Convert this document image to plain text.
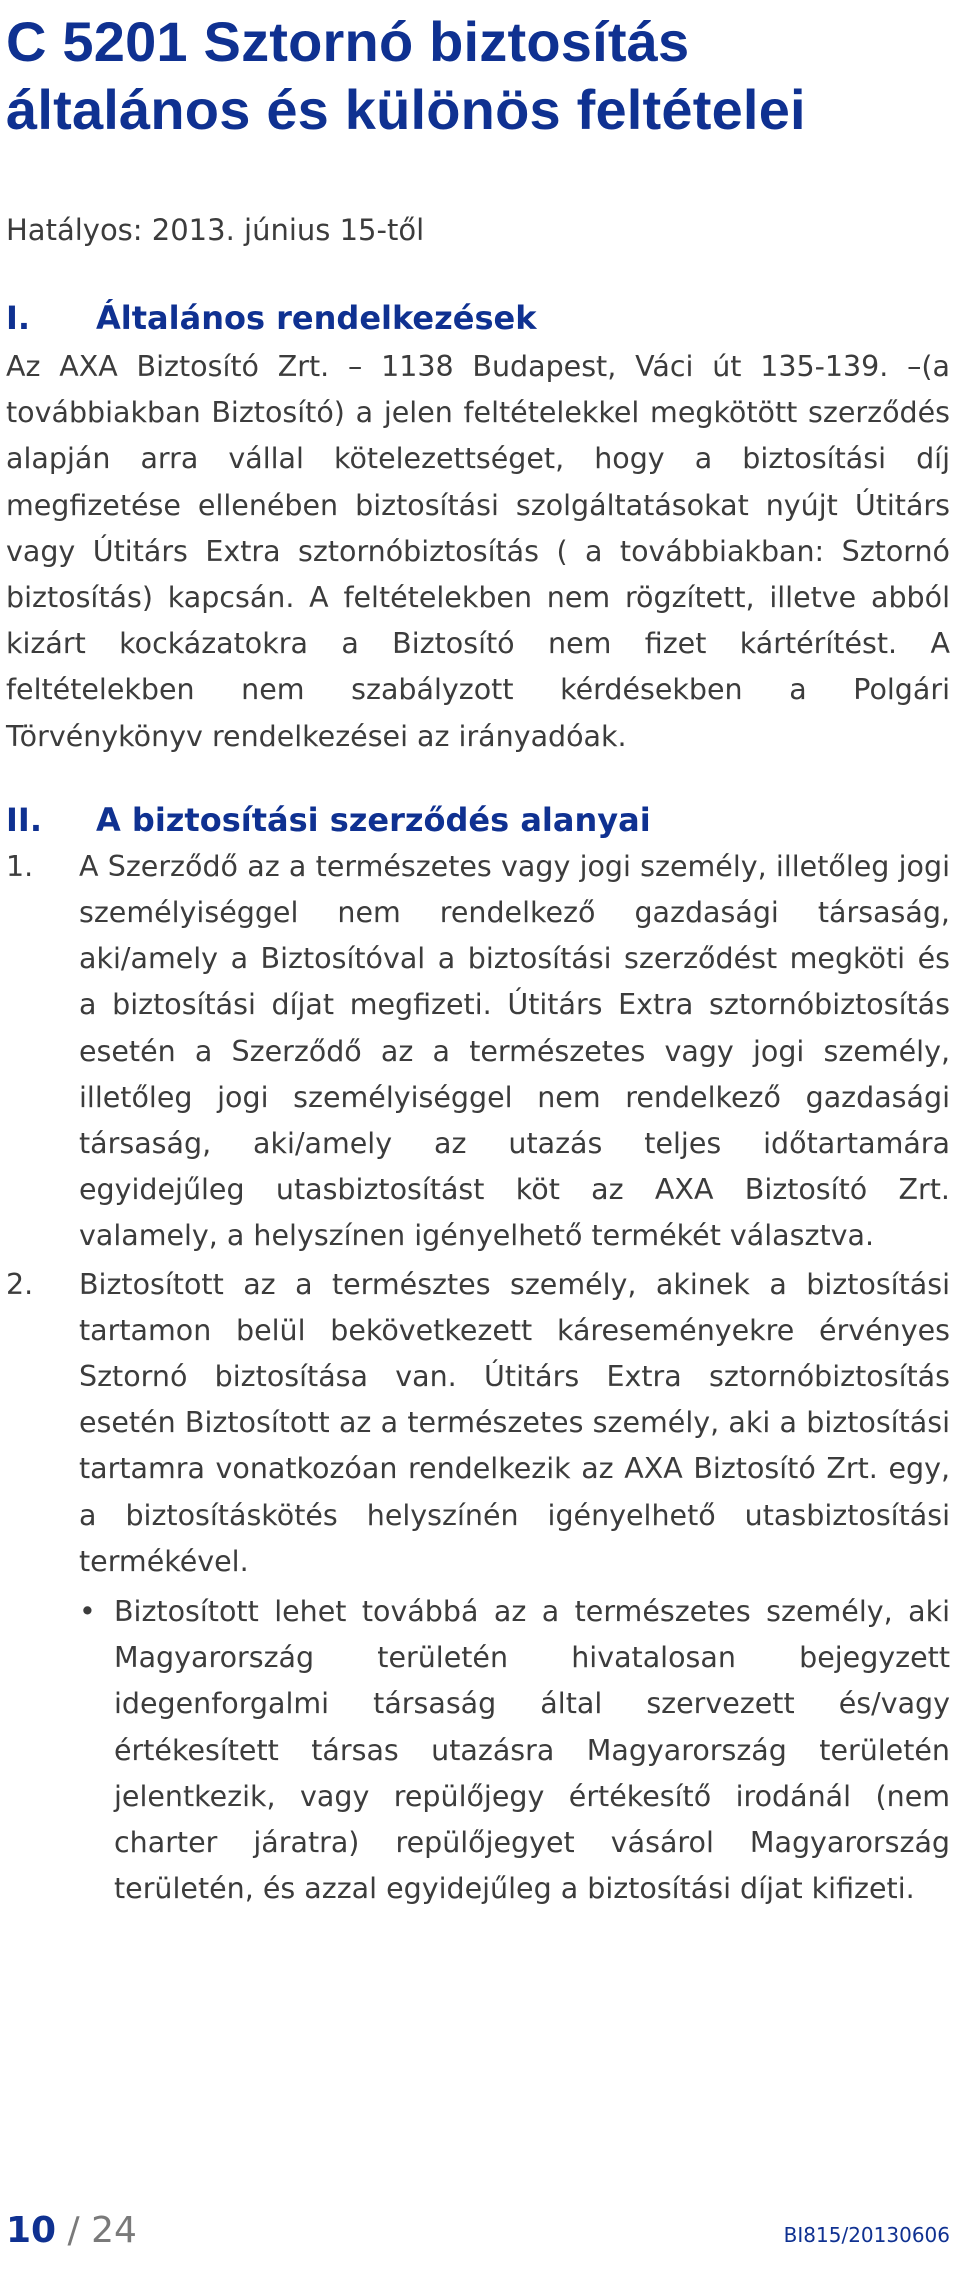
C 5201 Sztornó biztosítás
általános és különös feltételei
Hatályos: 2013. június 15-től
I.	Általános rendelkezések

Az AXA Biztosító Zrt. – 1138 Budapest, Váci út 135-139. –(a továbbiakban Biztosító) a jelen feltételekkel megkötött szerződés alapján arra vállal kötelezettséget, hogy a biztosítási díj megfizetése ellenében biztosítási szolgáltatásokat nyújt Útitárs vagy Útitárs Extra sztornóbiztosítás ( a továbbiakban: Sztornó biztosítás) kapcsán. A feltételekben nem rögzített, illetve abból kizárt kockázatokra a Biztosító nem fizet kártérítést. A feltételekben nem szabályzott kérdésekben a Polgári Törvénykönyv rendelkezései az irányadóak.

II.	A biztosítási szerződés alanyai
1.	A Szerződő az a természetes vagy jogi személy, illetőleg jogi személyiséggel nem rendelkező gazdasági társaság, aki/amely a Biztosítóval a biztosítási szerződést megköti és a biztosítási díjat megfizeti. Útitárs Extra sztornóbiztosítás esetén a Szerződő az a természetes vagy jogi személy, illetőleg jogi személyiséggel nem rendelkező gazdasági társaság, aki/amely az utazás teljes időtartamára egyidejűleg utasbiztosítást köt az AXA Biztosító Zrt. valamely, a helyszínen igényelhető termékét választva.
2.	Biztosított az a természtes személy, akinek a biztosítási tartamon belül bekövetkezett káreseményekre érvényes Sztornó biztosítása van. Útitárs Extra sztornóbiztosítás esetén Biztosított az a természetes személy, aki a biztosítási tartamra vonatkozóan rendelkezik az AXA Biztosító Zrt. egy, a biztosításkötés helyszínén igényelhető utasbiztosítási termékével.
• Biztosított lehet továbbá az a természetes személy, aki Magyarország területén hivatalosan bejegyzett idegenforgalmi társaság által szervezett és/vagy értékesített társas utazásra Magyarország területén jelentkezik, vagy repülőjegy értékesítő irodánál (nem charter járatra) repülőjegyet vásárol Magyarország területén, és azzal egyidejűleg a biztosítási díjat kifizeti.
10 / 24	BI815/20130606
